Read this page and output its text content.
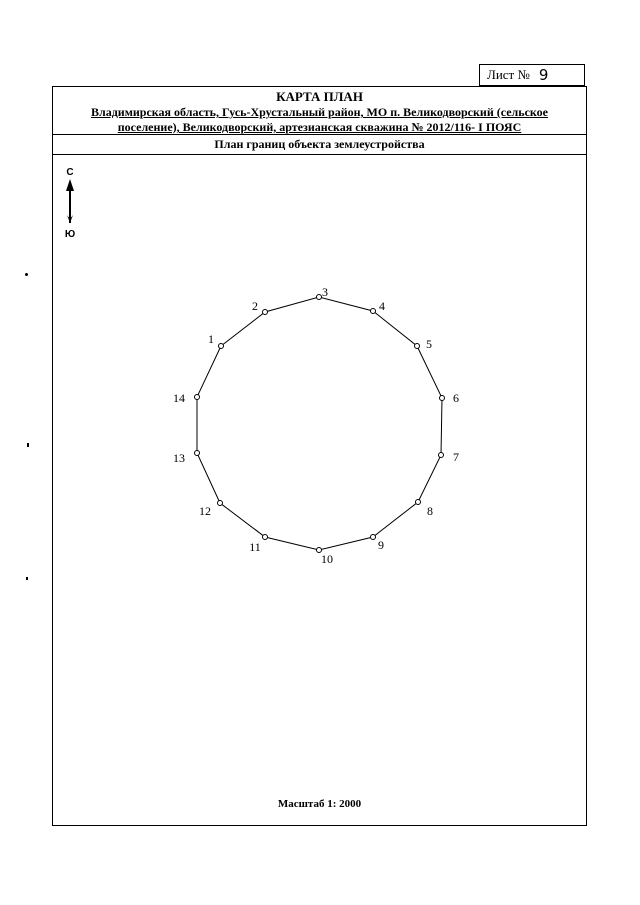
Лист № 9
КАРТА ПЛАН
Владимирская область, Гусь-Хрустальный район, МО п. Великодворский (сельское
поселение), Великодворский, артезианская скважина № 2012/116- I ПОЯС
План границ объекта землеустройства
С
Ю
1
2
3
4
5
6
7
8
9
10
11
12
13
14
Масштаб 1: 2000
